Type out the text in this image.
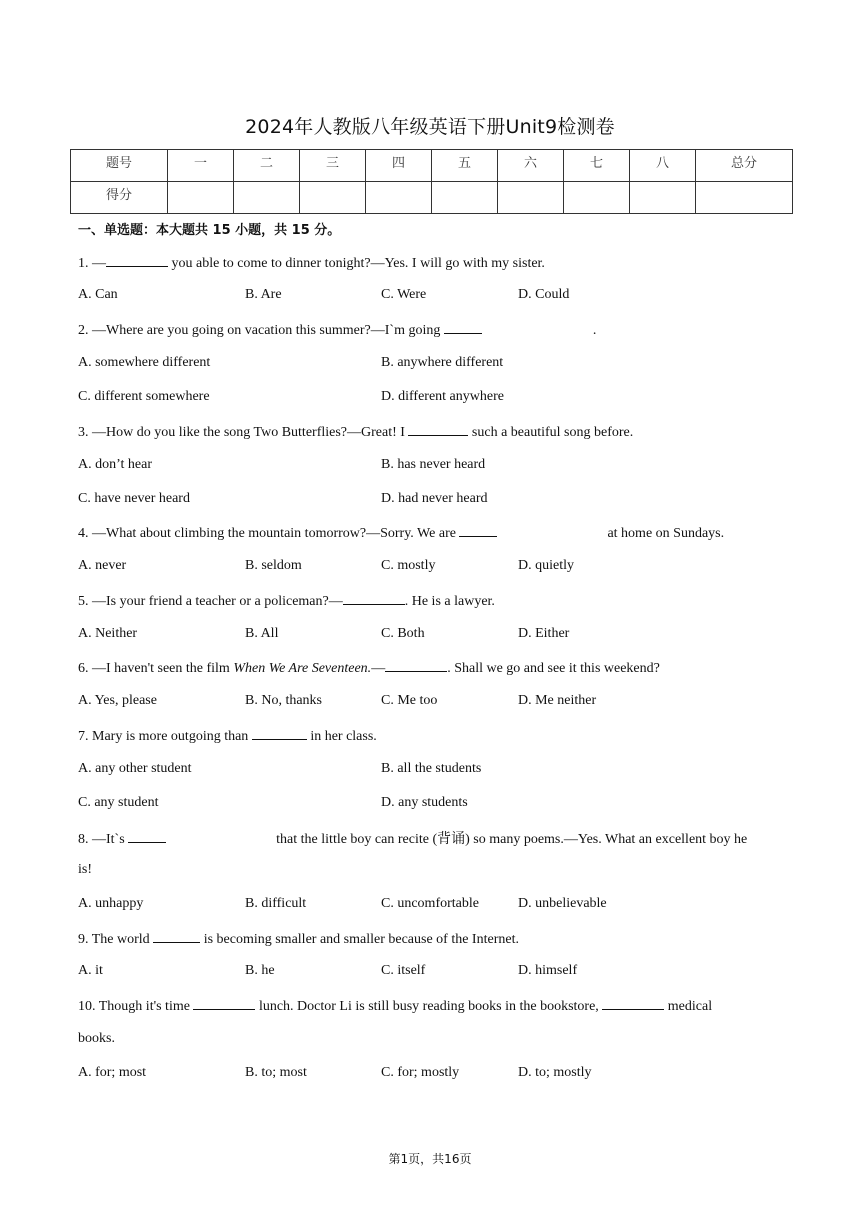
2024年人教版八年级英语下册Unit9检测卷
题号	一	二	三	四	五	六	七	八	总分
得分									
一、单选题：本大题共 15 小题，共 15 分。
1. —	you able to come to dinner tonight?—Yes. I will go with my sister.
A. Can	B. Are	C. Were	D. Could
2. —Where are you going on vacation this summer?—I`m going	.
A. somewhere different	B. anywhere different
C. different somewhere	D. different anywhere
3. —How do you like the song Two Butterflies?—Great! I	such a beautiful song before.
A. don’t hear	B. has never heard
C. have never heard	D. had never heard
4. —What about climbing the mountain tomorrow?—Sorry. We are	at home on Sundays.
A. never	B. seldom	C. mostly	D. quietly
5. —Is your friend a teacher or a policeman?—	. He is a lawyer.
A. Neither	B. All	C. Both	D. Either
6. —I haven't seen the film When We Are Seventeen.—	. Shall we go and see it this weekend?
A. Yes, please	B. No, thanks	C. Me too	D. Me neither
7. Mary is more outgoing than	in her class.
A. any other student	B. all the students
C. any student	D. any students
8. —It`s	that the little boy can recite (背诵) so many poems.—Yes. What an excellent boy he
is!
A. unhappy	B. difficult	C. uncomfortable	D. unbelievable
9. The world	is becoming smaller and smaller because of the Internet.
A. it	B. he	C. itself	D. himself
10. Though it's time	lunch. Doctor Li is still busy reading books in the bookstore,	medical
books.
A. for; most	B. to; most	C. for; mostly	D. to; mostly
第1页，共16页
